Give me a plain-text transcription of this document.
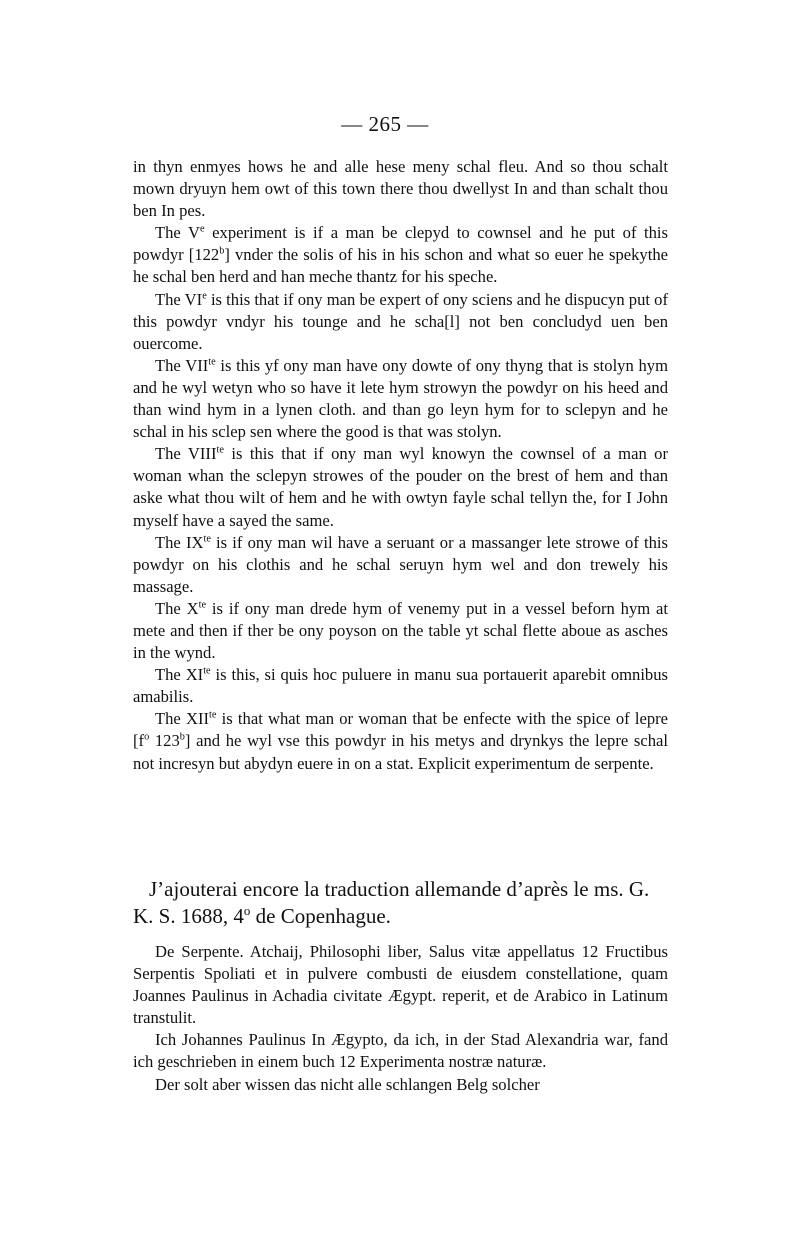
— 265 —

in thyn enmyes hows he and alle hese meny schal fleu. And so thou schalt mown dryuyn hem owt of this town there thou dwellyst In and than schalt thou ben In pes.

The Ve experiment is if a man be clepyd to cownsel and he put of this powdyr [122$^b$] vnder the solis of his in his schon and what so euer he spekythe he schal ben herd and han meche thantz for his speche.

The VIe is this that if ony man be expert of ony sciens and he dispucyn put of this powdyr vndyr his tounge and he scha[l] not ben concludyd uen ben ouercome.

The $VII^{te}$ is this yf ony man have ony dowte of ony thyng that is stolyn hym and he wyl wetyn who so have it lete hym strowyn the powdyr on his heed and than wind hym in a lynen cloth. and than go leyn hym for to sclepyn and he schal in his sclep sen where the good is that was stolyn.

The $VIII^{te}$ is this that if ony man wyl knowyn the cownsel of a man or woman whan the sclepyn strowes of the pouder on the brest of hem and than aske what thou wilt of hem and he with owtyn fayle schal tellyn the, for I John myself have a sayed the same.

The $IX^{te}$ is if ony man wil have a seruant or a massanger lete strowe of this powdyr on his clothis and he schal seruyn hym wel and don trewely his massage.

The $X^{te}$ is if ony man drede hym of venemy put in a vessel beforn hym at mete and then if ther be ony poyson on the table yt schal flette aboue as asches in the wynd.

The $XI^{te}$ is this, si quis hoc puluere in manu sua portauerit aparebit omnibus amabilis.

The $XII^{te}$ is that what man or woman that be enfecte with the spice of lepre [$f^o$ 123$^b$] and he wyl vse this powdyr in his metys and drynkys the lepre schal not incresyn but abydyn euere in on a stat. Explicit experimentum de serpente.

J’ajouterai encore la traduction allemande d’après le ms. G. K. S. 1688, 4$^o$ de Copenhague.

De Serpente. Atchaij, Philosophi liber, Salus vitæ appellatus 12 Fructibus Serpentis Spoliati et in pulvere combusti de eiusdem constellatione, quam Joannes Paulinus in Achadia civitate Ægypt. reperit, et de Arabico in Latinum transtulit.

Ich Johannes Paulinus In Ægypto, da ich, in der Stad Alexandria war, fand ich geschrieben in einem buch 12 Experimenta nostræ naturæ.

Der solt aber wissen das nicht alle schlangen Belg solcher
